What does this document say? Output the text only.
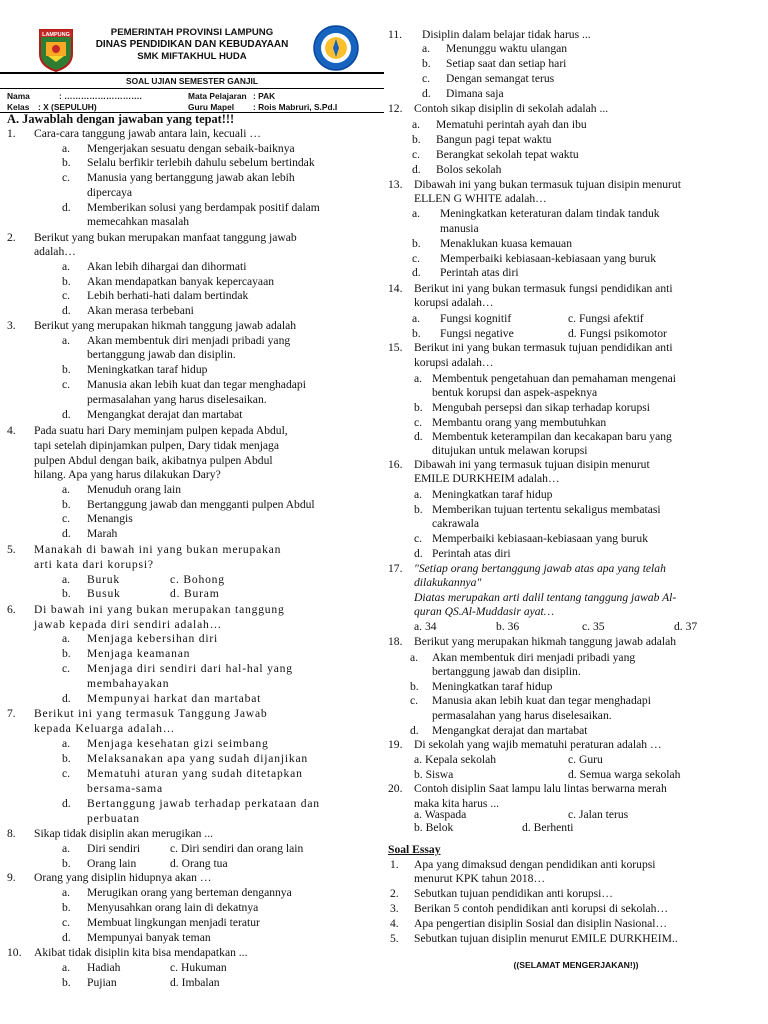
LAMPUNG	PEMERINTAH PROVINSI LAMPUNG
DINAS PENDIDIKAN DAN KEBUDAYAAN
SMK MIFTAKHUL HUDA
SOAL UJIAN SEMESTER GANJIL
Nama	: ……………………….	Mata Pelajaran : PAK
Kelas : X (SEPULUH)	Guru Mapel : Rois Mabruri, S.Pd.I
A. Jawablah dengan jawaban yang tepat!!!
1. Cara-cara tanggung jawab antara lain, kecuali …
a. Mengerjakan sesuatu dengan sebaik-baiknya
b. Selalu berfikir terlebih dahulu sebelum bertindak
c. Manusia yang bertanggung jawab akan lebih
dipercaya
d. Memberikan solusi yang berdampak positif dalam
memecahkan masalah
2. Berikut yang bukan merupakan manfaat tanggung jawab
adalah…
a. Akan lebih dihargai dan dihormati
b. Akan mendapatkan banyak kepercayaan
c. Lebih berhati-hati dalam bertindak
d. Akan merasa terbebani
3. Berikut yang merupakan hikmah tanggung jawab adalah
a. Akan membentuk diri menjadi pribadi yang
bertanggung jawab dan disiplin.
b. Meningkatkan taraf hidup
c. Manusia akan lebih kuat dan tegar menghadapi
permasalahan yang harus diselesaikan.
d. Mengangkat derajat dan martabat
4. Pada suatu hari Dary meminjam pulpen kepada Abdul,
tapi setelah dipinjamkan pulpen, Dary tidak menjaga
pulpen Abdul dengan baik, akibatnya pulpen Abdul
hilang. Apa yang harus dilakukan Dary?
a. Menuduh orang lain
b. Bertanggung jawab dan mengganti pulpen Abdul
c. Menangis
d. Marah
5. Manakah di bawah ini yang bukan merupakan
arti kata dari korupsi?
a. Buruk	c. Bohong
b. Busuk	d. Buram
6. Di bawah ini yang bukan merupakan tanggung
jawab kepada diri sendiri adalah…
a. Menjaga kebersihan diri
b. Menjaga keamanan
c. Menjaga diri sendiri dari hal-hal yang
membahayakan
d. Mempunyai harkat dan martabat
7. Berikut ini yang termasuk Tanggung Jawab
kepada Keluarga adalah…
a. Menjaga kesehatan gizi seimbang
b. Melaksanakan apa yang sudah dijanjikan
c. Mematuhi aturan yang sudah ditetapkan
bersama-sama
d. Bertanggung jawab terhadap perkataan dan
perbuatan
8. Sikap tidak disiplin akan merugikan ...
a. Diri sendiri	c. Diri sendiri dan orang lain
b. Orang lain	d. Orang tua
9. Orang yang disiplin hidupnya akan …
a. Merugikan orang yang berteman dengannya
b. Menyusahkan orang lain di dekatnya
c. Membuat lingkungan menjadi teratur
d. Mempunyai banyak teman
10. Akibat tidak disiplin kita bisa mendapatkan ...
a. Hadiah	c. Hukuman
b. Pujian	d. Imbalan
11. Disiplin dalam belajar tidak harus ...
a. Menunggu waktu ulangan
b. Setiap saat dan setiap hari
c. Dengan semangat terus
d. Dimana saja
12. Contoh sikap disiplin di sekolah adalah ...
a. Mematuhi perintah ayah dan ibu
b. Bangun pagi tepat waktu
c. Berangkat sekolah tepat waktu
d. Bolos sekolah
13. Dibawah ini yang bukan termasuk tujuan disipin menurut
ELLEN G WHITE adalah…
a. Meningkatkan keteraturan dalam tindak tanduk
manusia
b. Menaklukan kuasa kemauan
c. Memperbaiki kebiasaan-kebiasaan yang buruk
d. Perintah atas diri
14. Berikut ini yang bukan termasuk fungsi pendidikan anti
korupsi adalah…
a. Fungsi kognitif	c. Fungsi afektif
b. Fungsi negative	d. Fungsi psikomotor
15. Berikut ini yang bukan termasuk tujuan pendidikan anti
korupsi adalah…
a. Membentuk pengetahuan dan pemahaman mengenai
bentuk korupsi dan aspek-aspeknya
b. Mengubah persepsi dan sikap terhadap korupsi
c. Membantu orang yang membutuhkan
d. Membentuk keterampilan dan kecakapan baru yang
ditujukan untuk melawan korupsi
16. Dibawah ini yang termasuk tujuan disipin menurut
EMILE DURKHEIM adalah…
a. Meningkatkan taraf hidup
b. Memberikan tujuan tertentu sekaligus membatasi
cakrawala
c. Memperbaiki kebiasaan-kebiasaan yang buruk
d. Perintah atas diri
17. "Setiap orang bertanggung jawab atas apa yang telah
dilakukannya"
Diatas merupakan arti dalil tentang tanggung jawab Al-
quran QS.Al-Muddasir ayat…
a. 34	b. 36	c. 35	d. 37
18. Berikut yang merupakan hikmah tanggung jawab adalah
a. Akan membentuk diri menjadi pribadi yang
bertanggung jawab dan disiplin.
b. Meningkatkan taraf hidup
c. Manusia akan lebih kuat dan tegar menghadapi
permasalahan yang harus diselesaikan.
d. Mengangkat derajat dan martabat
19. Di sekolah yang wajib mematuhi peraturan adalah …
a. Kepala sekolah	c. Guru
b. Siswa	d. Semua warga sekolah
20. Contoh disiplin Saat lampu lalu lintas berwarna merah
maka kita harus ...
a. Waspada	c. Jalan terus
b. Belok	d. Berhenti
Soal Essay
1. Apa yang dimaksud dengan pendidikan anti korupsi
menurut KPK tahun 2018…
2. Sebutkan tujuan pendidikan anti korupsi…
3. Berikan 5 contoh pendidikan anti korupsi di sekolah…
4. Apa pengertian disiplin Sosial dan disiplin Nasional…
5. Sebutkan tujuan disiplin menurut EMILE DURKHEIM..
((SELAMAT MENGERJAKAN!))
